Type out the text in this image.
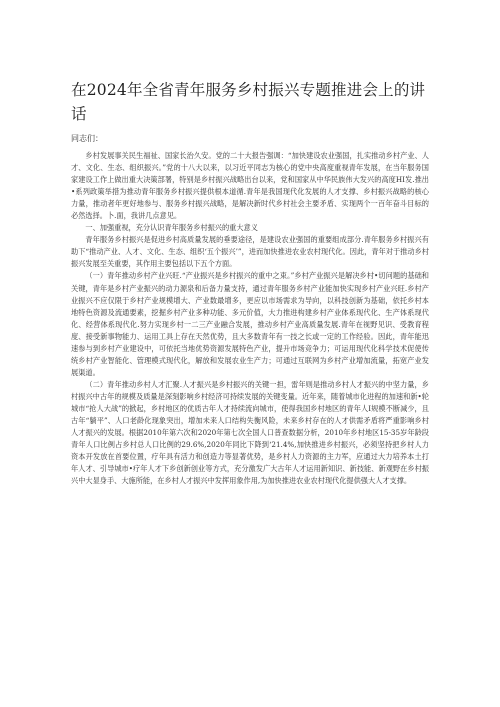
在2024年全省青年服务乡村振兴专题推进会上的讲话
同志们：

乡村发展事关民生福祉、国家长治久安。党的二十大报告强调：“加快建设农业强国，扎实推动乡村产业、人才、文化、生态、组织振兴。”党的十八大以来，以习近平同志为核心的党中央高度重视青年发展，在当年服务国家建设工作上做出重大决策部署，特别是乡村振兴战略出台以来，党和国家从中华民族伟大发兴的高度HI发.推出•系列政策举措为推动青年服务乡村振兴提供根本道循.青年是我国现代化发展的人才支撑、乡村振兴战略的核心力量，推动者年更好地参与、服务乡村振兴战略，是解决新时代乡村社会主要矛盾、实现两个一百年奋斗目标的必然选择。卜.面，我讲几点意见。

一、加强重视，充分认识青年服务乡村振兴的重大意义

青年服务乡村振兴是促进乡村高质量发展的垂要途径，是建设农业强国的重要组成部分.青年服务乡村振兴有助下“推动产业、人才、文化、生态、组织‘五个振兴’”，进而加快推进农业农村现代化。因此，青年对于推动乡村振兴发展至关重要，其作用主要包括以下五个方面。

（一）青年推动乡村产业兴旺.“产业振兴是乡村振兴的重中之束。”乡村产业振兴是解决乡村•切问题的基础和关键，青年是乡村产业振兴的动力源泉和后备力量支持，通过青年服务乡村产业能加快实现乡村产业兴旺.乡村产业振兴不应仅限于乡村产业规模增大、产业数最增多，更应以市场需求为导向，以科技创新为基础，依托乡村本地特色资源及流通要素，挖掘乡村产业多种功能、多元价值，大力推进构建乡村产业体系现代化、生产体系现代化、经营体系现代化.努力实现乡村一二三产业融合发展，推动乡村产业高质量发展.青年在视野见识、受教育程度、接受新事物能力、运用工具上存在天然优势，且大多数青年有一技之长或一定的工作经验。因此，青年能迅速参与到乡村产业建设中，可依托当地优势资源发展特色产业，提升市场竞争力；可运用现代化科学技术促使传统乡村产业智能化、管理模式现代化，解放和发展农业生产力；可通过互联网为乡村产业增加流量，拓宽产业发展渠道。

（二）青年推动乡村人才汇聚.人才振兴是乡村振兴的关键一担，雷年则是推动乡村人才振兴的中坚力量，乡村振兴中古年的规模及质量是深刻影响乡村经济可持续发展的关键变量。近年来，随着城市化进程的加速和新•轮城市“抢人大战”的掀起，乡村地区的优质古年人才持续流向城市，使得我国乡村地区的青年人I规模不断减少，且古年“躺平”、人口老龄化现象突出，增加未来人口结构失衡风险，未来乡村存在的人才供需矛盾将严重影响乡村人才振兴的发展。根据2010年第六次和2020年第七次全国人口普查数据分析，2010年乡村地区15-35岁年龄段青年人口比例占乡村总人口比例的29.6%,2020年同比下降到‘21.4%,加快推进乡村振兴，必须坚持把乡村人力资本开发放在首要位置，疗年具有活力和创造力等显著优势，是乡村人力资源的主力军，应通过大力培养本土打年人才、引导城市•疗年人才下乡创新创业等方式，充分激发广大古年人才运用新知识、新技能、新观野在乡村振兴中大显身手、大施所能，在乡村人才振兴中发挥用象作用,为加快推进农业农村现代化提供强大人才支撑。
